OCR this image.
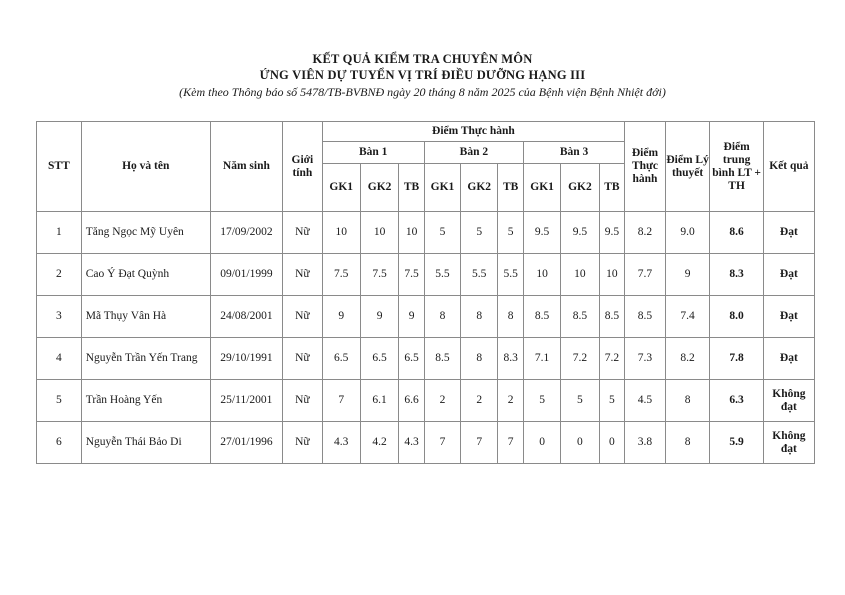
KẾT QUẢ KIỂM TRA CHUYÊN MÔN
ỨNG VIÊN DỰ TUYỂN VỊ TRÍ ĐIỀU DƯỠNG HẠNG III
(Kèm theo Thông báo số 5478/TB-BVBNĐ ngày 20 tháng 8 năm 2025 của Bệnh viện Bệnh Nhiệt đới)
STT	Họ và tên	Năm sinh	Giới tính	Điểm Thực hành									Điểm Thực hành	Điểm Lý thuyết	Điểm trung bình LT + TH	Kết quả
				Bàn 1			Bàn 2			Bàn 3						
				GK1	GK2	TB	GK1	GK2	TB	GK1	GK2	TB				
1	Tăng Ngọc Mỹ Uyên	17/09/2002	Nữ	10	10	10	5	5	5	9.5	9.5	9.5	8.2	9.0	8.6	Đạt
2	Cao Ý Đạt Quỳnh	09/01/1999	Nữ	7.5	7.5	7.5	5.5	5.5	5.5	10	10	10	7.7	9	8.3	Đạt
3	Mã Thụy Vân Hà	24/08/2001	Nữ	9	9	9	8	8	8	8.5	8.5	8.5	8.5	7.4	8.0	Đạt
4	Nguyễn Trần Yến Trang	29/10/1991	Nữ	6.5	6.5	6.5	8.5	8	8.3	7.1	7.2	7.2	7.3	8.2	7.8	Đạt
5	Trần Hoàng Yến	25/11/2001	Nữ	7	6.1	6.6	2	2	2	5	5	5	4.5	8	6.3	Không đạt
6	Nguyễn Thái Bảo Di	27/01/1996	Nữ	4.3	4.2	4.3	7	7	7	0	0	0	3.8	8	5.9	Không đạt
